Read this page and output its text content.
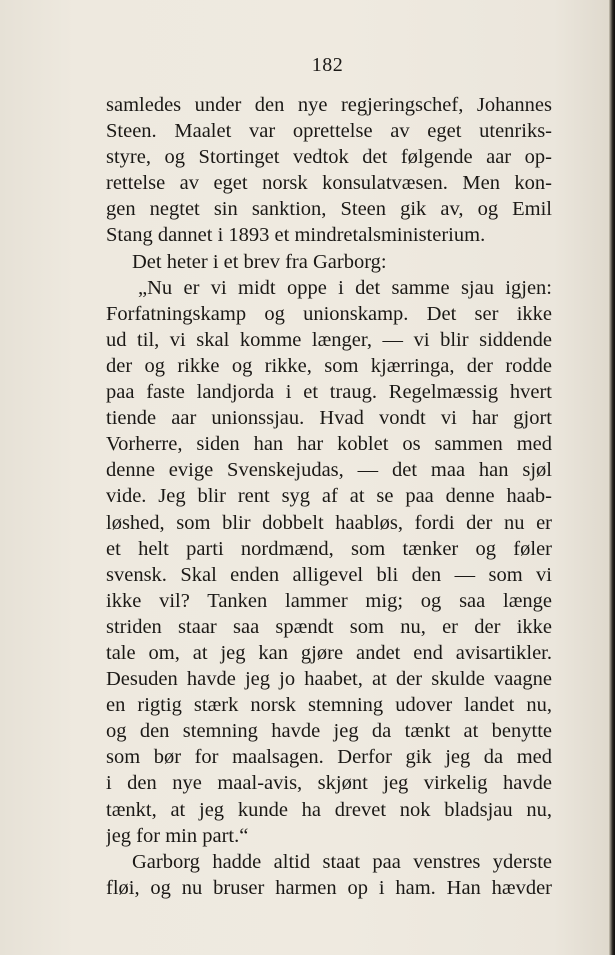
182
samledes under den nye regjeringschef, Johannes
Steen. Maalet var oprettelse av eget utenriks-
styre, og Stortinget vedtok det følgende aar op-
rettelse av eget norsk konsulatvæsen. Men kon-
gen negtet sin sanktion, Steen gik av, og Emil
Stang dannet i 1893 et mindretalsministerium.
Det heter i et brev fra Garborg:
„Nu er vi midt oppe i det samme sjau igjen:
Forfatningskamp og unionskamp. Det ser ikke
ud til, vi skal komme længer, — vi blir siddende
der og rikke og rikke, som kjærringa, der rodde
paa faste landjorda i et traug. Regelmæssig hvert
tiende aar unionssjau. Hvad vondt vi har gjort
Vorherre, siden han har koblet os sammen med
denne evige Svenskejudas, — det maa han sjøl
vide. Jeg blir rent syg af at se paa denne haab-
løshed, som blir dobbelt haabløs, fordi der nu er
et helt parti nordmænd, som tænker og føler
svensk. Skal enden alligevel bli den — som vi
ikke vil? Tanken lammer mig; og saa længe
striden staar saa spændt som nu, er der ikke
tale om, at jeg kan gjøre andet end avisartikler.
Desuden havde jeg jo haabet, at der skulde vaagne
en rigtig stærk norsk stemning udover landet nu,
og den stemning havde jeg da tænkt at benytte
som bør for maalsagen. Derfor gik jeg da med
i den nye maal-avis, skjønt jeg virkelig havde
tænkt, at jeg kunde ha drevet nok bladsjau nu,
jeg for min part.“
Garborg hadde altid staat paa venstres yderste
fløi, og nu bruser harmen op i ham. Han hævder
